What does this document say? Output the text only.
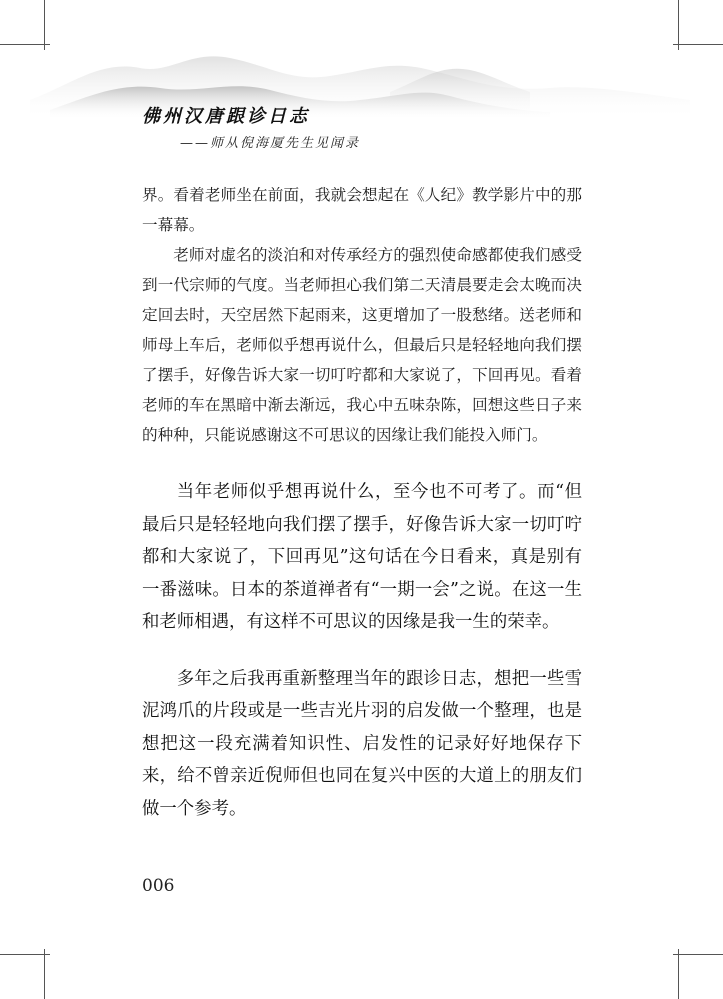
佛州汉唐跟诊日志
——师从倪海厦先生见闻录

界。看着老师坐在前面，我就会想起在《人纪》教学影片中的那一幕幕。

老师对虚名的淡泊和对传承经方的强烈使命感都使我们感受到一代宗师的气度。当老师担心我们第二天清晨要走会太晚而决定回去时，天空居然下起雨来，这更增加了一股愁绪。送老师和师母上车后，老师似乎想再说什么，但最后只是轻轻地向我们摆了摆手，好像告诉大家一切叮咛都和大家说了，下回再见。看着老师的车在黑暗中渐去渐远，我心中五味杂陈，回想这些日子来的种种，只能说感谢这不可思议的因缘让我们能投入师门。

当年老师似乎想再说什么，至今也不可考了。而“但最后只是轻轻地向我们摆了摆手，好像告诉大家一切叮咛都和大家说了，下回再见”这句话在今日看来，真是别有一番滋味。日本的茶道禅者有“一期一会”之说。在这一生和老师相遇，有这样不可思议的因缘是我一生的荣幸。

多年之后我再重新整理当年的跟诊日志，想把一些雪泥鸿爪的片段或是一些吉光片羽的启发做一个整理，也是想把这一段充满着知识性、启发性的记录好好地保存下来，给不曾亲近倪师但也同在复兴中医的大道上的朋友们做一个参考。

006
